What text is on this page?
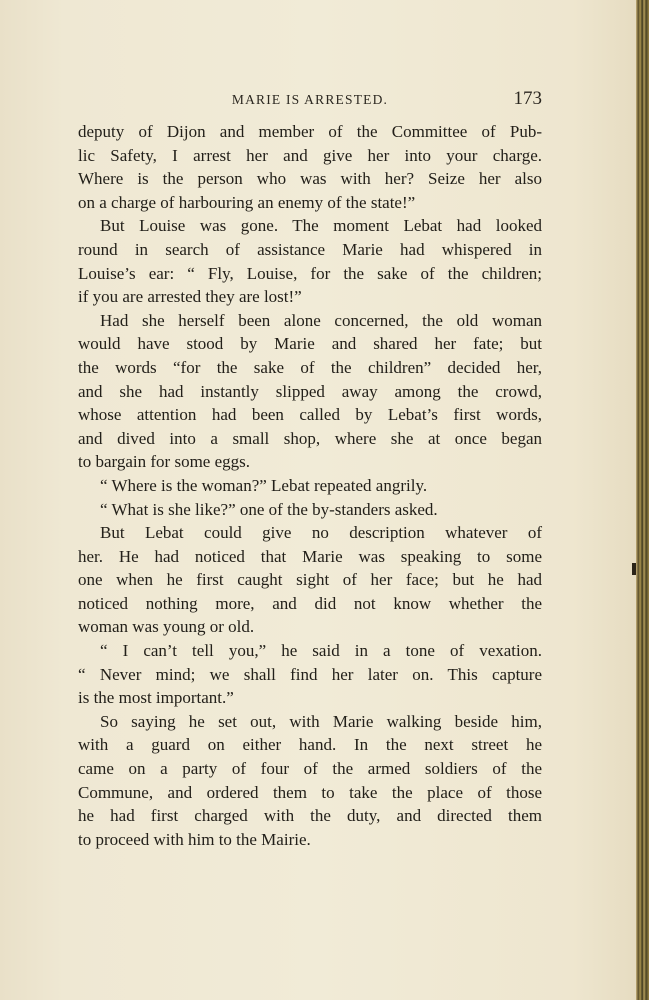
MARIE IS ARRESTED.	173

deputy of Dijon and member of the Committee of Pub-

lic Safety, I arrest her and give her into your charge.

Where is the person who was with her? Seize her also

on a charge of harbouring an enemy of the state!”

But Louise was gone. The moment Lebat had looked

round in search of assistance Marie had whispered in

Louise’s ear: “ Fly, Louise, for the sake of the children;

if you are arrested they are lost!”

Had she herself been alone concerned, the old woman

would have stood by Marie and shared her fate; but

the words “for the sake of the children” decided her,

and she had instantly slipped away among the crowd,

whose attention had been called by Lebat’s first words,

and dived into a small shop, where she at once began

to bargain for some eggs.

“ Where is the woman?” Lebat repeated angrily.

“ What is she like?” one of the by-standers asked.

But Lebat could give no description whatever of

her. He had noticed that Marie was speaking to some

one when he first caught sight of her face; but he had

noticed nothing more, and did not know whether the

woman was young or old.

“ I can’t tell you,” he said in a tone of vexation.

“ Never mind; we shall find her later on. This capture

is the most important.”

So saying he set out, with Marie walking beside him,

with a guard on either hand. In the next street he

came on a party of four of the armed soldiers of the

Commune, and ordered them to take the place of those

he had first charged with the duty, and directed them

to proceed with him to the Mairie.
